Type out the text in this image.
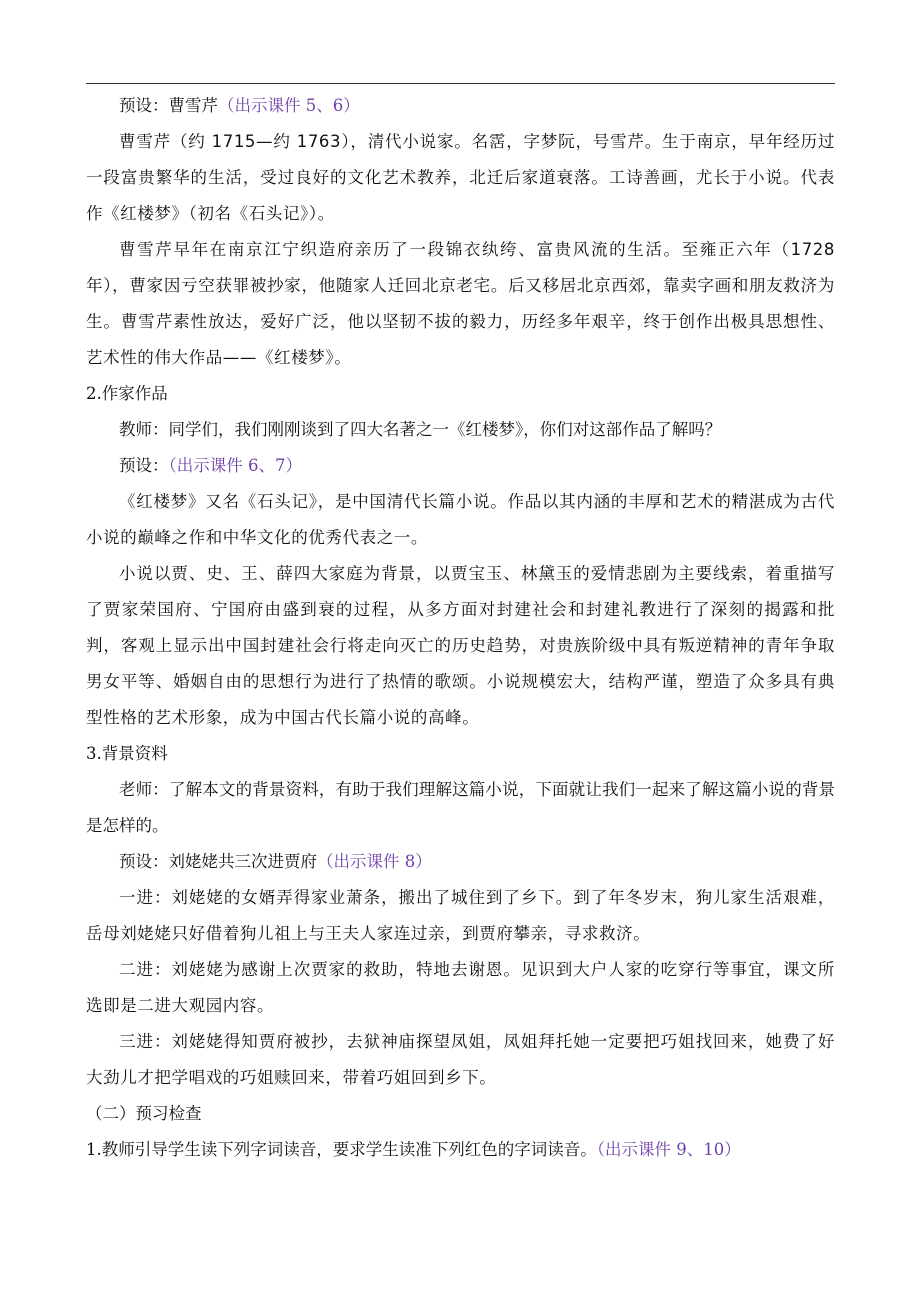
预设：曹雪芹（出示课件 5、6）

曹雪芹（约 1715—约 1763），清代小说家。名霑，字梦阮，号雪芹。生于南京，早年经历过一段富贵繁华的生活，受过良好的文化艺术教养，北迁后家道衰落。工诗善画，尤长于小说。代表作《红楼梦》（初名《石头记》）。

曹雪芹早年在南京江宁织造府亲历了一段锦衣纨绔、富贵风流的生活。至雍正六年（1728 年），曹家因亏空获罪被抄家，他随家人迁回北京老宅。后又移居北京西郊，靠卖字画和朋友救济为生。曹雪芹素性放达，爱好广泛，他以坚韧不拔的毅力，历经多年艰辛，终于创作出极具思想性、艺术性的伟大作品——《红楼梦》。

2.作家作品

教师：同学们，我们刚刚谈到了四大名著之一《红楼梦》，你们对这部作品了解吗？

预设：（出示课件 6、7）

《红楼梦》又名《石头记》，是中国清代长篇小说。作品以其内涵的丰厚和艺术的精湛成为古代小说的巅峰之作和中华文化的优秀代表之一。

小说以贾、史、王、薛四大家庭为背景，以贾宝玉、林黛玉的爱情悲剧为主要线索，着重描写了贾家荣国府、宁国府由盛到衰的过程，从多方面对封建社会和封建礼教进行了深刻的揭露和批判，客观上显示出中国封建社会行将走向灭亡的历史趋势，对贵族阶级中具有叛逆精神的青年争取男女平等、婚姻自由的思想行为进行了热情的歌颂。小说规模宏大，结构严谨，塑造了众多具有典型性格的艺术形象，成为中国古代长篇小说的高峰。

3.背景资料

老师：了解本文的背景资料，有助于我们理解这篇小说，下面就让我们一起来了解这篇小说的背景是怎样的。

预设：刘姥姥共三次进贾府（出示课件 8）

一进：刘姥姥的女婿弄得家业萧条，搬出了城住到了乡下。到了年冬岁末，狗儿家生活艰难，岳母刘姥姥只好借着狗儿祖上与王夫人家连过亲，到贾府攀亲，寻求救济。

二进：刘姥姥为感谢上次贾家的救助，特地去谢恩。见识到大户人家的吃穿行等事宜，课文所选即是二进大观园内容。

三进：刘姥姥得知贾府被抄，去狱神庙探望凤姐，凤姐拜托她一定要把巧姐找回来，她费了好大劲儿才把学唱戏的巧姐赎回来，带着巧姐回到乡下。

（二）预习检查

1.教师引导学生读下列字词读音，要求学生读准下列红色的字词读音。（出示课件 9、10）
